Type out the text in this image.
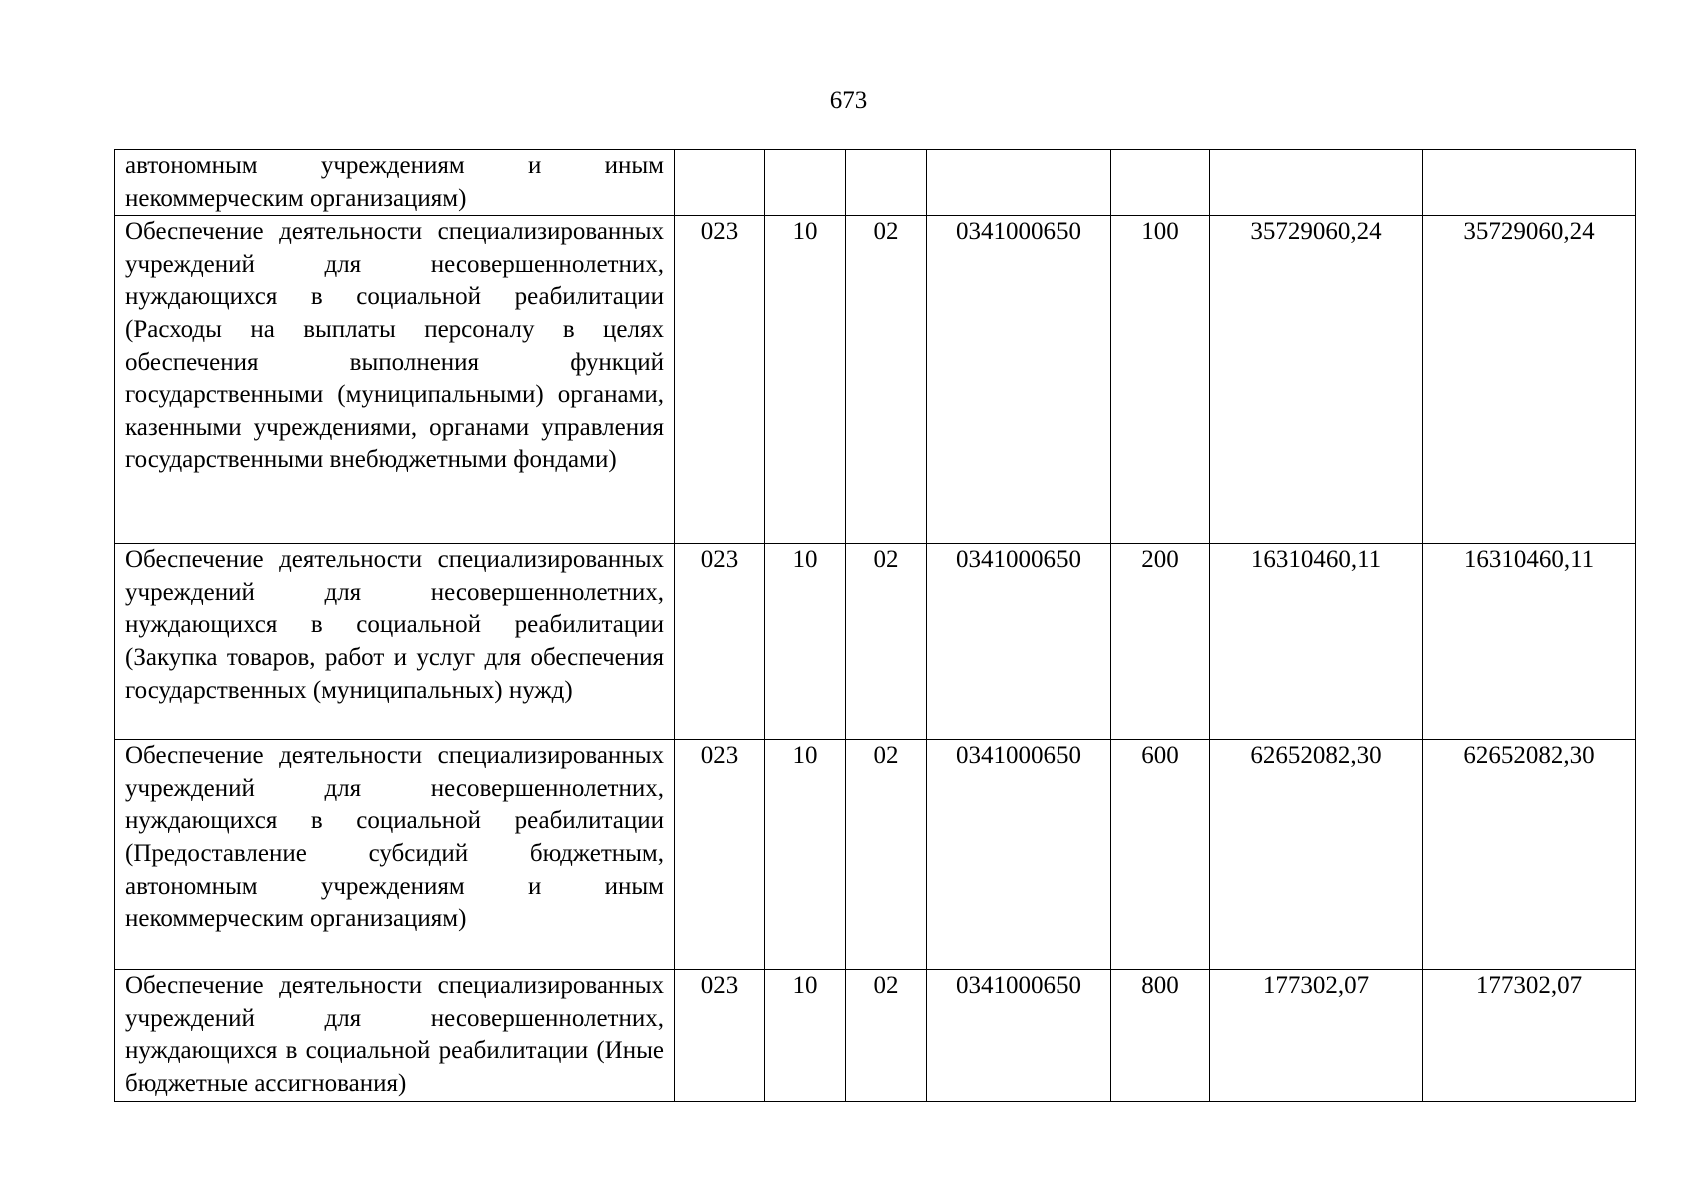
673
автономным учреждениям и иным некоммерческим организациям)							
Обеспечение деятельности специализированных учреждений для несовершеннолетних, нуждающихся в социальной реабилитации (Расходы на выплаты персоналу в целях обеспечения выполнения функций государственными (муниципальными) органами, казенными учреждениями, органами управления государственными внебюджетными фондами)	023	10	02	0341000650	100	35729060,24	35729060,24
Обеспечение деятельности специализированных учреждений для несовершеннолетних, нуждающихся в социальной реабилитации (Закупка товаров, работ и услуг для обеспечения государственных (муниципальных) нужд)	023	10	02	0341000650	200	16310460,11	16310460,11
Обеспечение деятельности специализированных учреждений для несовершеннолетних, нуждающихся в социальной реабилитации (Предоставление субсидий бюджетным, автономным учреждениям и иным некоммерческим организациям)	023	10	02	0341000650	600	62652082,30	62652082,30
Обеспечение деятельности специализированных учреждений для несовершеннолетних, нуждающихся в социальной реабилитации (Иные бюджетные ассигнования)	023	10	02	0341000650	800	177302,07	177302,07
